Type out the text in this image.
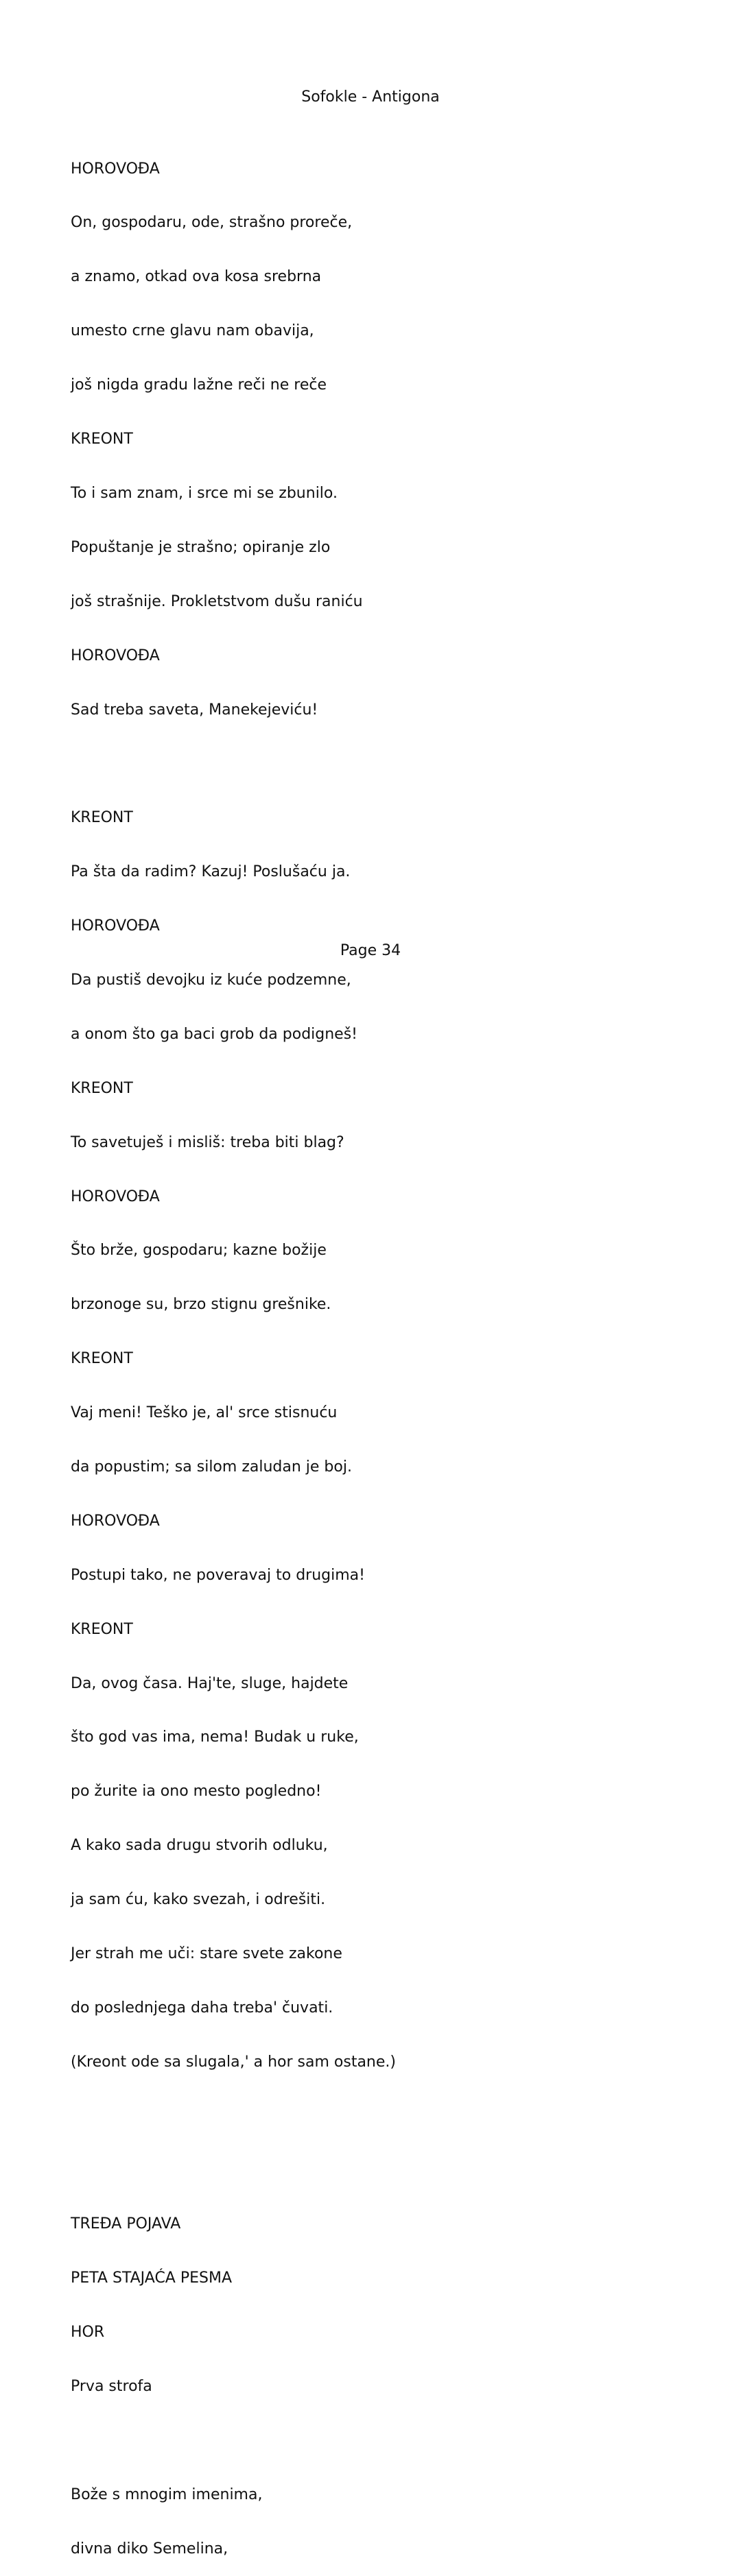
Sofokle - Antigona

HOROVOĐA

On, gospodaru, ode, strašno proreče,

a znamo, otkad ova kosa srebrna

umesto crne glavu nam obavija,

još nigda gradu lažne reči ne reče

KREONT

To i sam znam, i srce mi se zbunilo.

Popuštanje je strašno; opiranje zlo

još strašnije. Prokletstvom dušu raniću

HOROVOĐA

Sad treba saveta, Manekejeviću!

KREONT

Pa šta da radim? Kazuj! Poslušaću ja.

HOROVOĐA

Da pustiš devojku iz kuće podzemne,

a onom što ga baci grob da podigneš!

KREONT

To savetuješ i misliš: treba biti blag?

HOROVOĐA

Što brže, gospodaru; kazne božije

brzonoge su, brzo stignu grešnike.

KREONT

Vaj meni! Teško je, al' srce stisnuću

da popustim; sa silom zaludan je boj.

HOROVOĐA

Postupi tako, ne poveravaj to drugima!

KREONT

Da, ovog časa. Haj'te, sluge, hajdete

što god vas ima, nema! Budak u ruke,

po žurite ia ono mesto pogledno!

A kako sada drugu stvorih odluku,

ja sam ću, kako svezah, i odrešiti.

Jer strah me uči: stare svete zakone

do poslednjega daha treba' čuvati.

(Kreont ode sa slugala,' a hor sam ostane.)

TREĐA POJAVA

PETA STAJAĆA PESMA

HOR

Prva strofa

Bože s mnogim imenima,

divna diko Semelina,

Page 34
